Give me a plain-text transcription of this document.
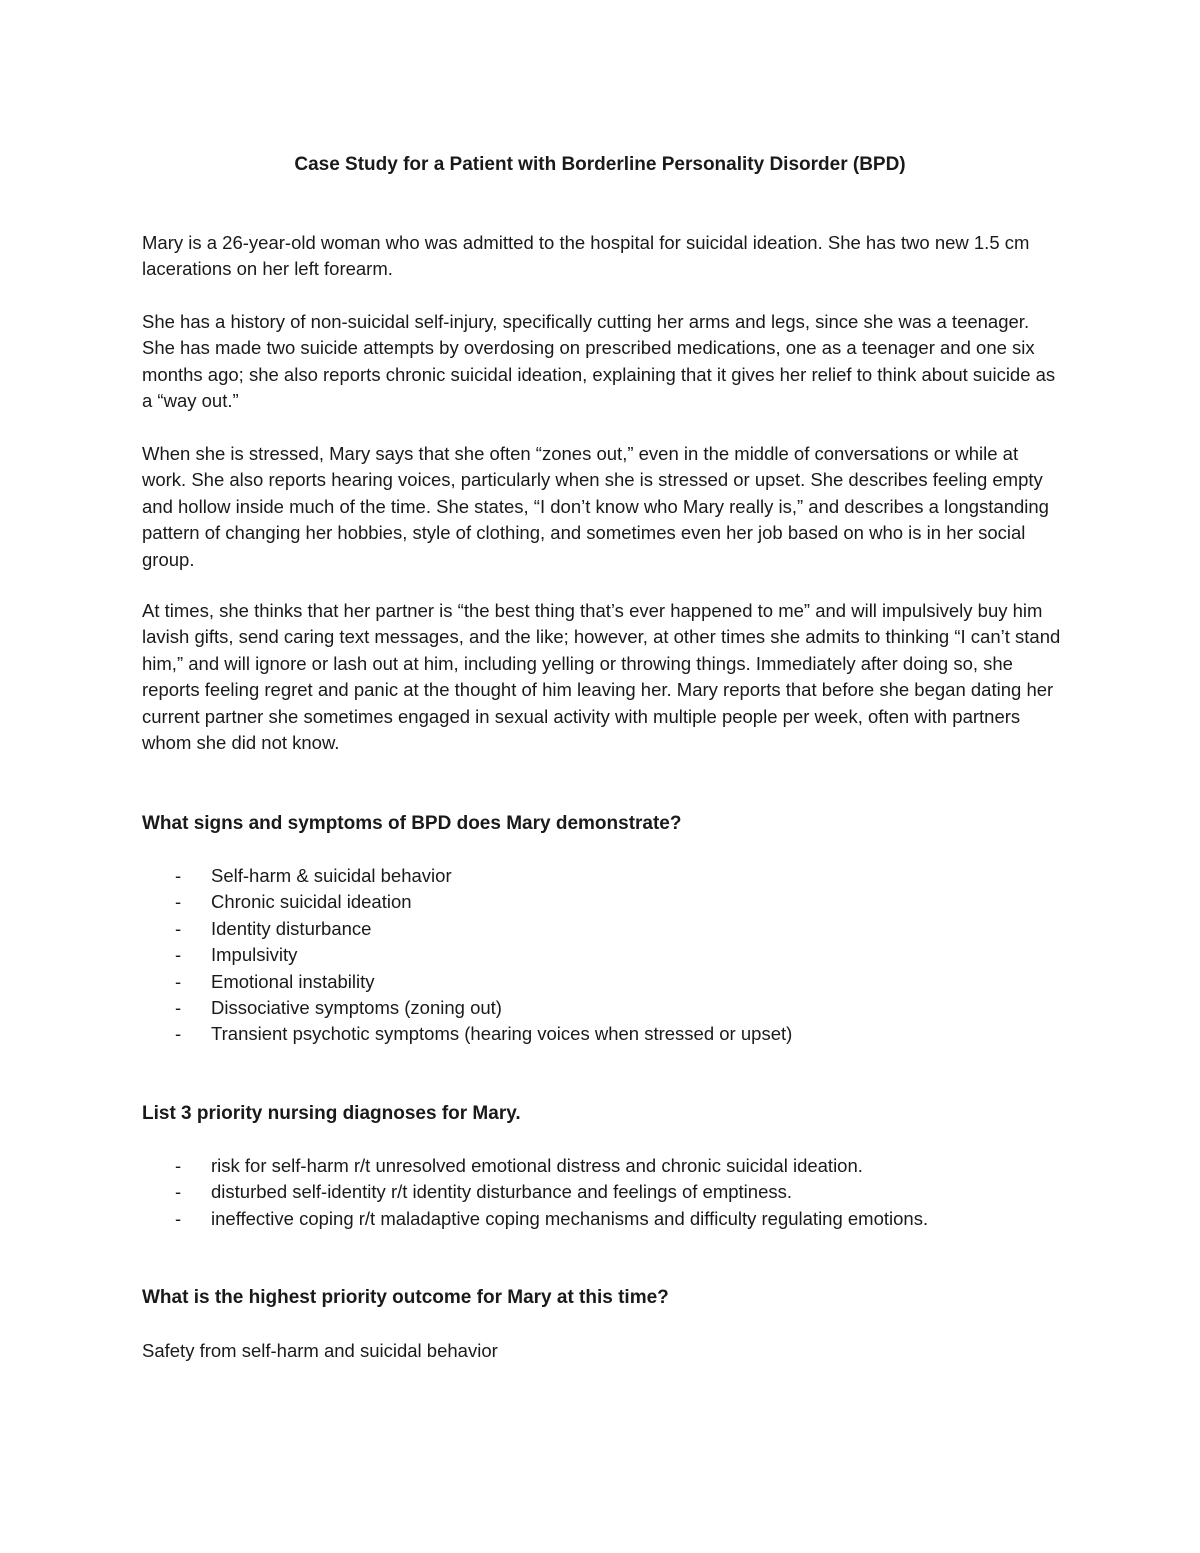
Case Study for a Patient with Borderline Personality Disorder (BPD)

Mary is a 26-year-old woman who was admitted to the hospital for suicidal ideation. She has two new 1.5 cm lacerations on her left forearm.

She has a history of non-suicidal self-injury, specifically cutting her arms and legs, since she was a teenager. She has made two suicide attempts by overdosing on prescribed medications, one as a teenager and one six months ago; she also reports chronic suicidal ideation, explaining that it gives her relief to think about suicide as a “way out.”

When she is stressed, Mary says that she often “zones out,” even in the middle of conversations or while at work. She also reports hearing voices, particularly when she is stressed or upset. She describes feeling empty and hollow inside much of the time. She states, “I don’t know who Mary really is,” and describes a longstanding pattern of changing her hobbies, style of clothing, and sometimes even her job based on who is in her social group.

At times, she thinks that her partner is “the best thing that’s ever happened to me” and will impulsively buy him lavish gifts, send caring text messages, and the like; however, at other times she admits to thinking “I can’t stand him,” and will ignore or lash out at him, including yelling or throwing things. Immediately after doing so, she reports feeling regret and panic at the thought of him leaving her. Mary reports that before she began dating her current partner she sometimes engaged in sexual activity with multiple people per week, often with partners whom she did not know.

What signs and symptoms of BPD does Mary demonstrate?
- Self-harm & suicidal behavior
- Chronic suicidal ideation
- Identity disturbance
- Impulsivity
- Emotional instability
- Dissociative symptoms (zoning out)
- Transient psychotic symptoms (hearing voices when stressed or upset)
List 3 priority nursing diagnoses for Mary.
- risk for self-harm r/t unresolved emotional distress and chronic suicidal ideation.
- disturbed self-identity r/t identity disturbance and feelings of emptiness.
- ineffective coping r/t maladaptive coping mechanisms and difficulty regulating emotions.
What is the highest priority outcome for Mary at this time?

Safety from self-harm and suicidal behavior
